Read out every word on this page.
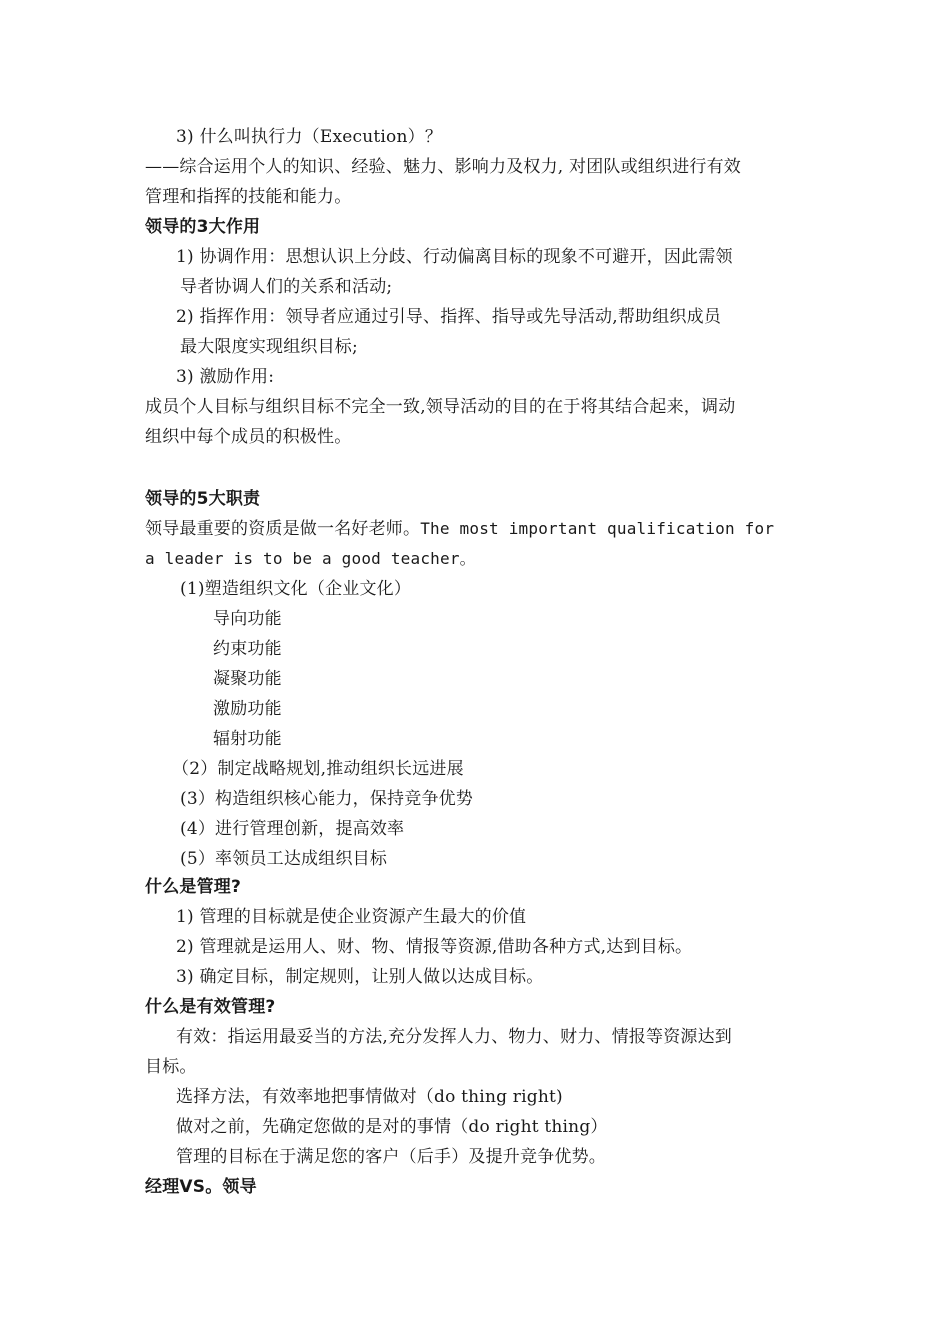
3) 什么叫执行力（Execution）？
——综合运用个人的知识、经验、魅力、影响力及权力, 对团队或组织进行有效
管理和指挥的技能和能力。
领导的3大作用
1) 协调作用：思想认识上分歧、行动偏离目标的现象不可避开，因此需领
导者协调人们的关系和活动;
2) 指挥作用：领导者应通过引导、指挥、指导或先导活动,帮助组织成员
最大限度实现组织目标;
3) 激励作用:
成员个人目标与组织目标不完全一致,领导活动的目的在于将其结合起来，调动
组织中每个成员的积极性。
领导的5大职责
领导最重要的资质是做一名好老师。The most important qualification for
a leader is to be a good teacher。
(1)塑造组织文化（企业文化）
导向功能
约束功能
凝聚功能
激励功能
辐射功能
（2）制定战略规划,推动组织长远进展
(3）构造组织核心能力，保持竞争优势
(4）进行管理创新，提高效率
(5）率领员工达成组织目标
什么是管理?
1) 管理的目标就是使企业资源产生最大的价值
2) 管理就是运用人、财、物、情报等资源,借助各种方式,达到目标。
3) 确定目标，制定规则，让别人做以达成目标。
什么是有效管理?
有效：指运用最妥当的方法,充分发挥人力、物力、财力、情报等资源达到
目标。
选择方法，有效率地把事情做对（do thing right)
做对之前，先确定您做的是对的事情（do right thing）
管理的目标在于满足您的客户（后手）及提升竞争优势。
经理VS。领导
